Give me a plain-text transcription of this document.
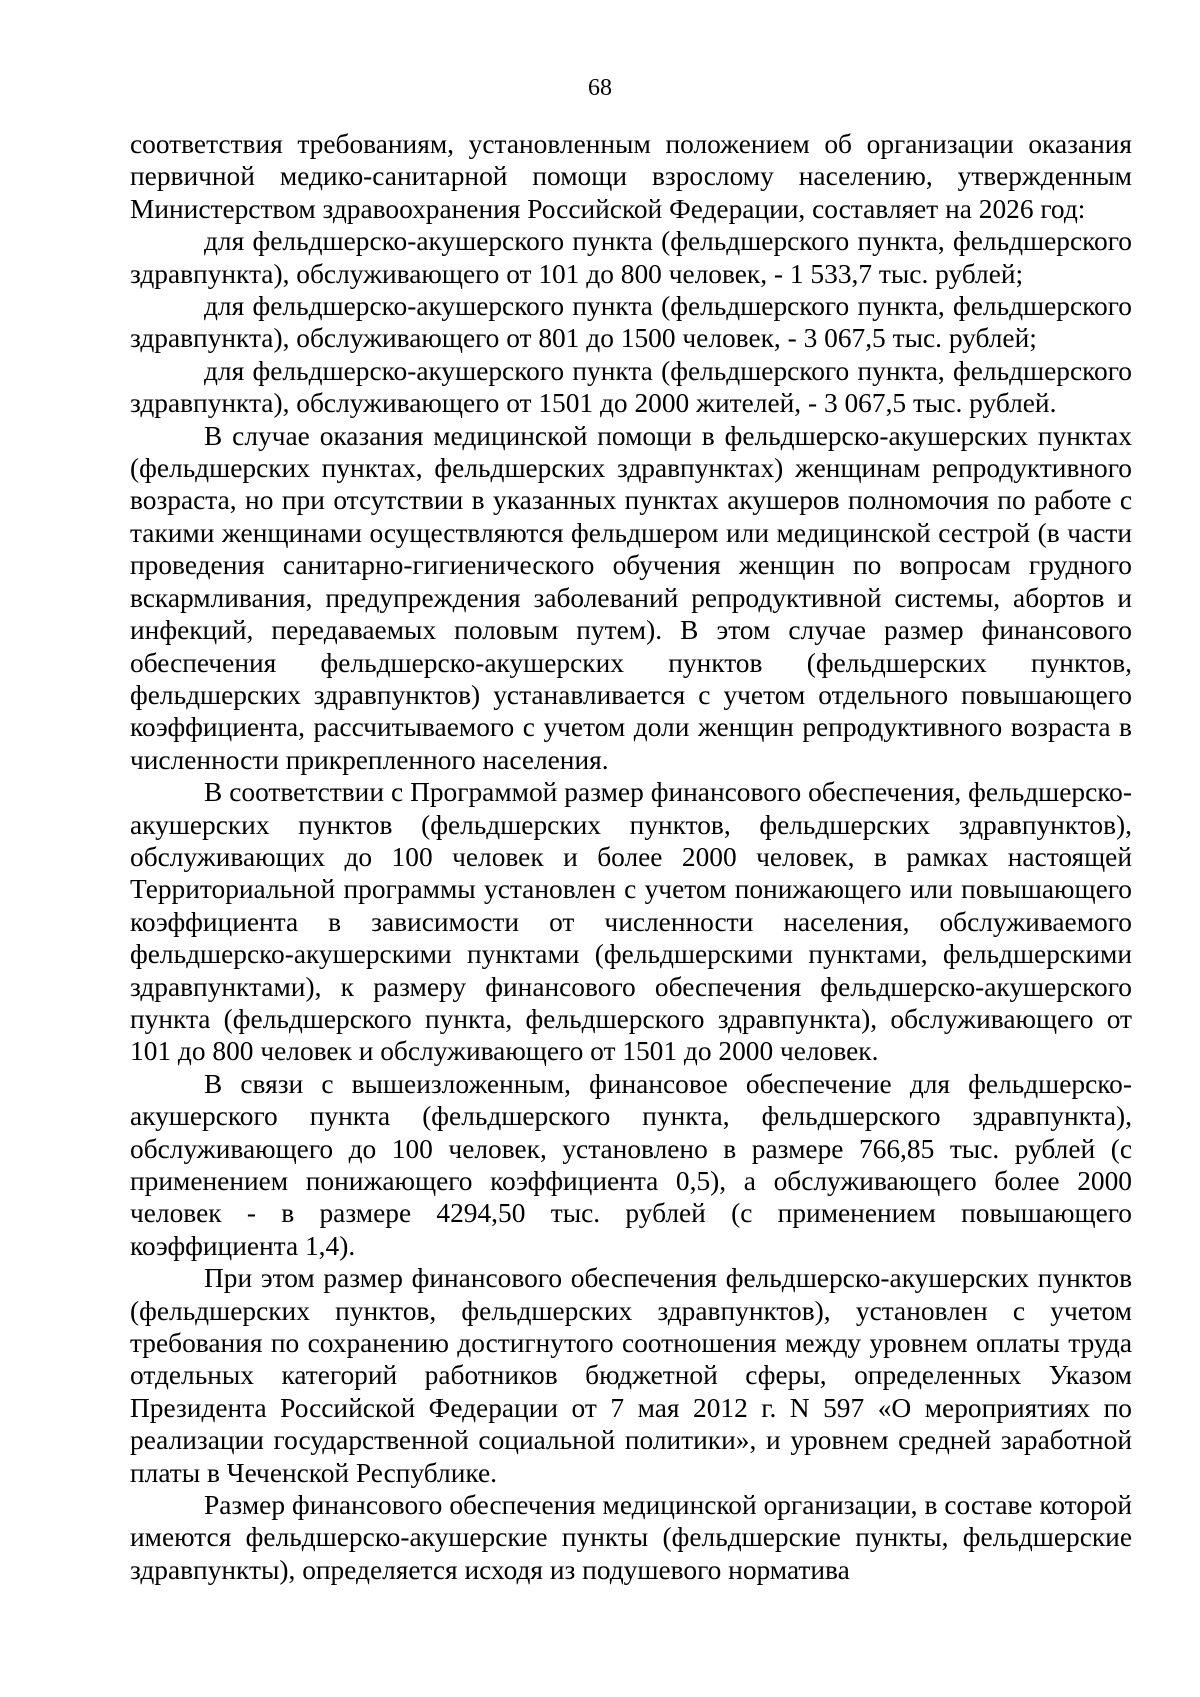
68

соответствия требованиям, установленным положением об организации оказания первичной медико-санитарной помощи взрослому населению, утвержденным Министерством здравоохранения Российской Федерации, составляет на 2026 год:

для фельдшерско-акушерского пункта (фельдшерского пункта, фельдшерского здравпункта), обслуживающего от 101 до 800 человек, - 1 533,7 тыс. рублей;

для фельдшерско-акушерского пункта (фельдшерского пункта, фельдшерского здравпункта), обслуживающего от 801 до 1500 человек, - 3 067,5 тыс. рублей;

для фельдшерско-акушерского пункта (фельдшерского пункта, фельдшерского здравпункта), обслуживающего от 1501 до 2000 жителей, - 3 067,5 тыс. рублей.

В случае оказания медицинской помощи в фельдшерско-акушерских пунктах (фельдшерских пунктах, фельдшерских здравпунктах) женщинам репродуктивного возраста, но при отсутствии в указанных пунктах акушеров полномочия по работе с такими женщинами осуществляются фельдшером или медицинской сестрой (в части проведения санитарно-гигиенического обучения женщин по вопросам грудного вскармливания, предупреждения заболеваний репродуктивной системы, абортов и инфекций, передаваемых половым путем). В этом случае размер финансового обеспечения фельдшерско-акушерских пунктов (фельдшерских пунктов, фельдшерских здравпунктов) устанавливается с учетом отдельного повышающего коэффициента, рассчитываемого с учетом доли женщин репродуктивного возраста в численности прикрепленного населения.

В соответствии с Программой размер финансового обеспечения, фельдшерско-акушерских пунктов (фельдшерских пунктов, фельдшерских здравпунктов), обслуживающих до 100 человек и более 2000 человек, в рамках настоящей Территориальной программы установлен с учетом понижающего или повышающего коэффициента в зависимости от численности населения, обслуживаемого фельдшерско-акушерскими пунктами (фельдшерскими пунктами, фельдшерскими здравпунктами), к размеру финансового обеспечения фельдшерско-акушерского пункта (фельдшерского пункта, фельдшерского здравпункта), обслуживающего от 101 до 800 человек и обслуживающего от 1501 до 2000 человек.

В связи с вышеизложенным, финансовое обеспечение для фельдшерско-акушерского пункта (фельдшерского пункта, фельдшерского здравпункта), обслуживающего до 100 человек, установлено в размере 766,85 тыс. рублей (с применением понижающего коэффициента 0,5), а обслуживающего более 2000 человек - в размере 4294,50 тыс. рублей (с применением повышающего коэффициента 1,4).

При этом размер финансового обеспечения фельдшерско-акушерских пунктов (фельдшерских пунктов, фельдшерских здравпунктов), установлен с учетом требования по сохранению достигнутого соотношения между уровнем оплаты труда отдельных категорий работников бюджетной сферы, определенных Указом Президента Российской Федерации от 7 мая 2012 г. N 597 «О мероприятиях по реализации государственной социальной политики», и уровнем средней заработной платы в Чеченской Республике.

Размер финансового обеспечения медицинской организации, в составе которой имеются фельдшерско-акушерские пункты (фельдшерские пункты, фельдшерские здравпункты), определяется исходя из подушевого норматива
